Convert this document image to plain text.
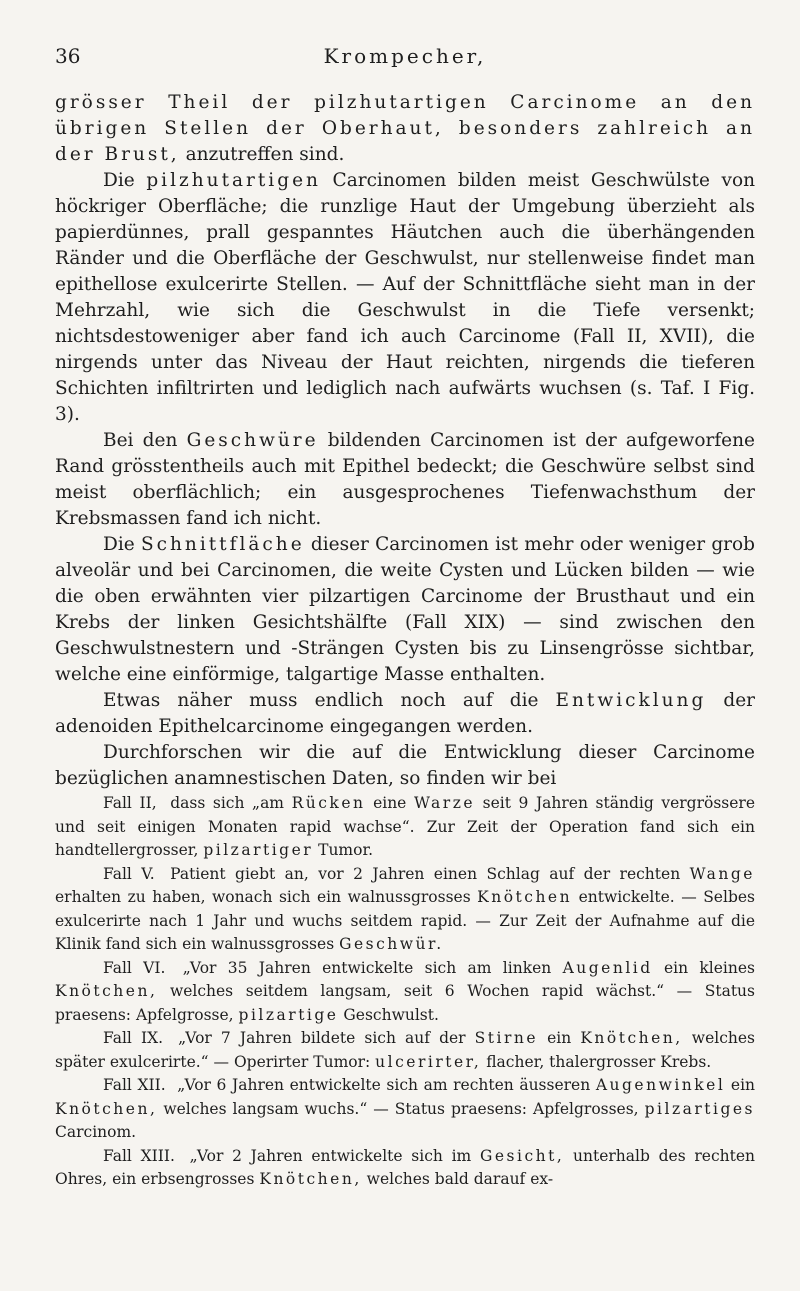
36	Krompecher,

grösser Theil der pilzhutartigen Carcinome an den übrigen Stellen der Oberhaut, besonders zahlreich an der Brust, anzutreffen sind.

Die pilzhutartigen Carcinomen bilden meist Geschwülste von höckriger Oberfläche; die runzlige Haut der Umgebung überzieht als papierdünnes, prall gespanntes Häutchen auch die überhängenden Ränder und die Oberfläche der Geschwulst, nur stellenweise findet man epithellose exulcerirte Stellen. — Auf der Schnittfläche sieht man in der Mehrzahl, wie sich die Geschwulst in die Tiefe versenkt; nichtsdestoweniger aber fand ich auch Carcinome (Fall II, XVII), die nirgends unter das Niveau der Haut reichten, nirgends die tieferen Schichten infiltrirten und lediglich nach aufwärts wuchsen (s. Taf. I Fig. 3).

Bei den Geschwüre bildenden Carcinomen ist der aufgeworfene Rand grösstentheils auch mit Epithel bedeckt; die Geschwüre selbst sind meist oberflächlich; ein ausgesprochenes Tiefenwachsthum der Krebsmassen fand ich nicht.

Die Schnittfläche dieser Carcinomen ist mehr oder weniger grob alveolär und bei Carcinomen, die weite Cysten und Lücken bilden — wie die oben erwähnten vier pilzartigen Carcinome der Brusthaut und ein Krebs der linken Gesichtshälfte (Fall XIX) — sind zwischen den Geschwulstnestern und -Strängen Cysten bis zu Linsengrösse sichtbar, welche eine einförmige, talgartige Masse enthalten.

Etwas näher muss endlich noch auf die Entwicklung der adenoiden Epithelcarcinome eingegangen werden.

Durchforschen wir die auf die Entwicklung dieser Carcinome bezüglichen anamnestischen Daten, so finden wir bei

Fall II, dass sich „am Rücken eine Warze seit 9 Jahren ständig vergrössere und seit einigen Monaten rapid wachse“. Zur Zeit der Operation fand sich ein handtellergrosser, pilzartiger Tumor.

Fall V. Patient giebt an, vor 2 Jahren einen Schlag auf der rechten Wange erhalten zu haben, wonach sich ein walnussgrosses Knötchen entwickelte. — Selbes exulcerirte nach 1 Jahr und wuchs seitdem rapid. — Zur Zeit der Aufnahme auf die Klinik fand sich ein walnussgrosses Geschwür.

Fall VI. „Vor 35 Jahren entwickelte sich am linken Augenlid ein kleines Knötchen, welches seitdem langsam, seit 6 Wochen rapid wächst.“ — Status praesens: Apfelgrosse, pilzartige Geschwulst.

Fall IX. „Vor 7 Jahren bildete sich auf der Stirne ein Knötchen, welches später exulcerirte.“ — Operirter Tumor: ulcerirter, flacher, thalergrosser Krebs.

Fall XII. „Vor 6 Jahren entwickelte sich am rechten äusseren Augenwinkel ein Knötchen, welches langsam wuchs.“ — Status praesens: Apfelgrosses, pilzartiges Carcinom.

Fall XIII. „Vor 2 Jahren entwickelte sich im Gesicht, unterhalb des rechten Ohres, ein erbsengrosses Knötchen, welches bald darauf ex-
